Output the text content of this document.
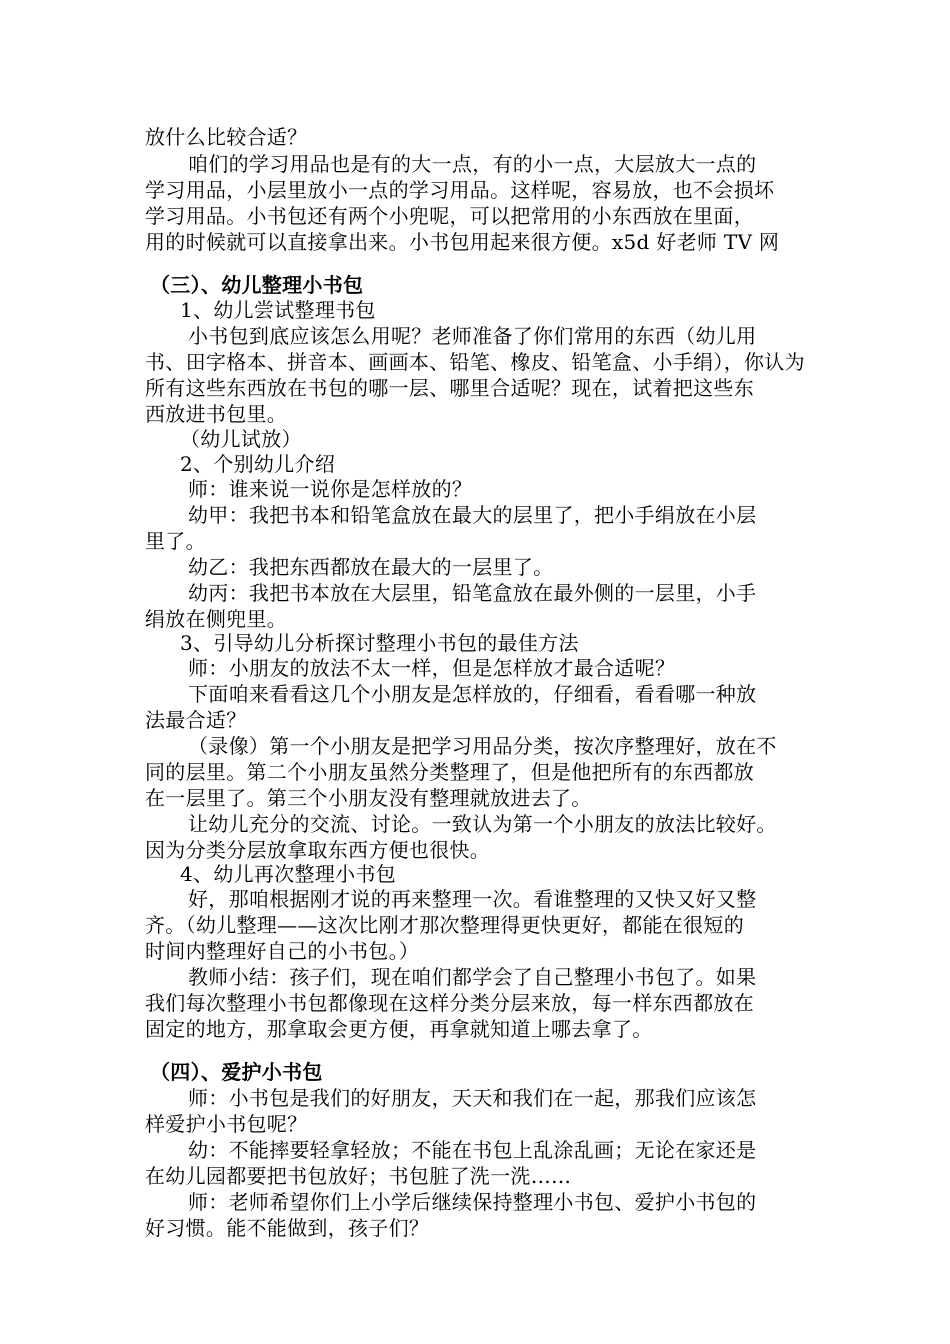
放什么比较合适？

咱们的学习用品也是有的大一点，有的小一点，大层放大一点的

学习用品，小层里放小一点的学习用品。这样呢，容易放，也不会损坏

学习用品。小书包还有两个小兜呢，可以把常用的小东西放在里面，

用的时候就可以直接拿出来。小书包用起来很方便。x5d 好老师 TV 网

（三）、幼儿整理小书包

1、幼儿尝试整理书包

小书包到底应该怎么用呢？老师准备了你们常用的东西（幼儿用

书、田字格本、拼音本、画画本、铅笔、橡皮、铅笔盒、小手绢），你认为

所有这些东西放在书包的哪一层、哪里合适呢？现在，试着把这些东

西放进书包里。

（幼儿试放）

2、个别幼儿介绍

师：谁来说一说你是怎样放的？

幼甲：我把书本和铅笔盒放在最大的层里了，把小手绢放在小层

里了。

幼乙：我把东西都放在最大的一层里了。

幼丙：我把书本放在大层里，铅笔盒放在最外侧的一层里，小手

绢放在侧兜里。

3、引导幼儿分析探讨整理小书包的最佳方法

师：小朋友的放法不太一样，但是怎样放才最合适呢？

下面咱来看看这几个小朋友是怎样放的，仔细看，看看哪一种放

法最合适？

（录像）第一个小朋友是把学习用品分类，按次序整理好，放在不

同的层里。第二个小朋友虽然分类整理了，但是他把所有的东西都放

在一层里了。第三个小朋友没有整理就放进去了。

让幼儿充分的交流、讨论。一致认为第一个小朋友的放法比较好。

因为分类分层放拿取东西方便也很快。

4、幼儿再次整理小书包

好，那咱根据刚才说的再来整理一次。看谁整理的又快又好又整

齐。（幼儿整理——这次比刚才那次整理得更快更好，都能在很短的

时间内整理好自己的小书包。）

教师小结：孩子们，现在咱们都学会了自己整理小书包了。如果

我们每次整理小书包都像现在这样分类分层来放，每一样东西都放在

固定的地方，那拿取会更方便，再拿就知道上哪去拿了。

（四）、爱护小书包

师：小书包是我们的好朋友，天天和我们在一起，那我们应该怎

样爱护小书包呢？

幼：不能摔要轻拿轻放；不能在书包上乱涂乱画；无论在家还是

在幼儿园都要把书包放好；书包脏了洗一洗……

师：老师希望你们上小学后继续保持整理小书包、爱护小书包的

好习惯。能不能做到，孩子们？
